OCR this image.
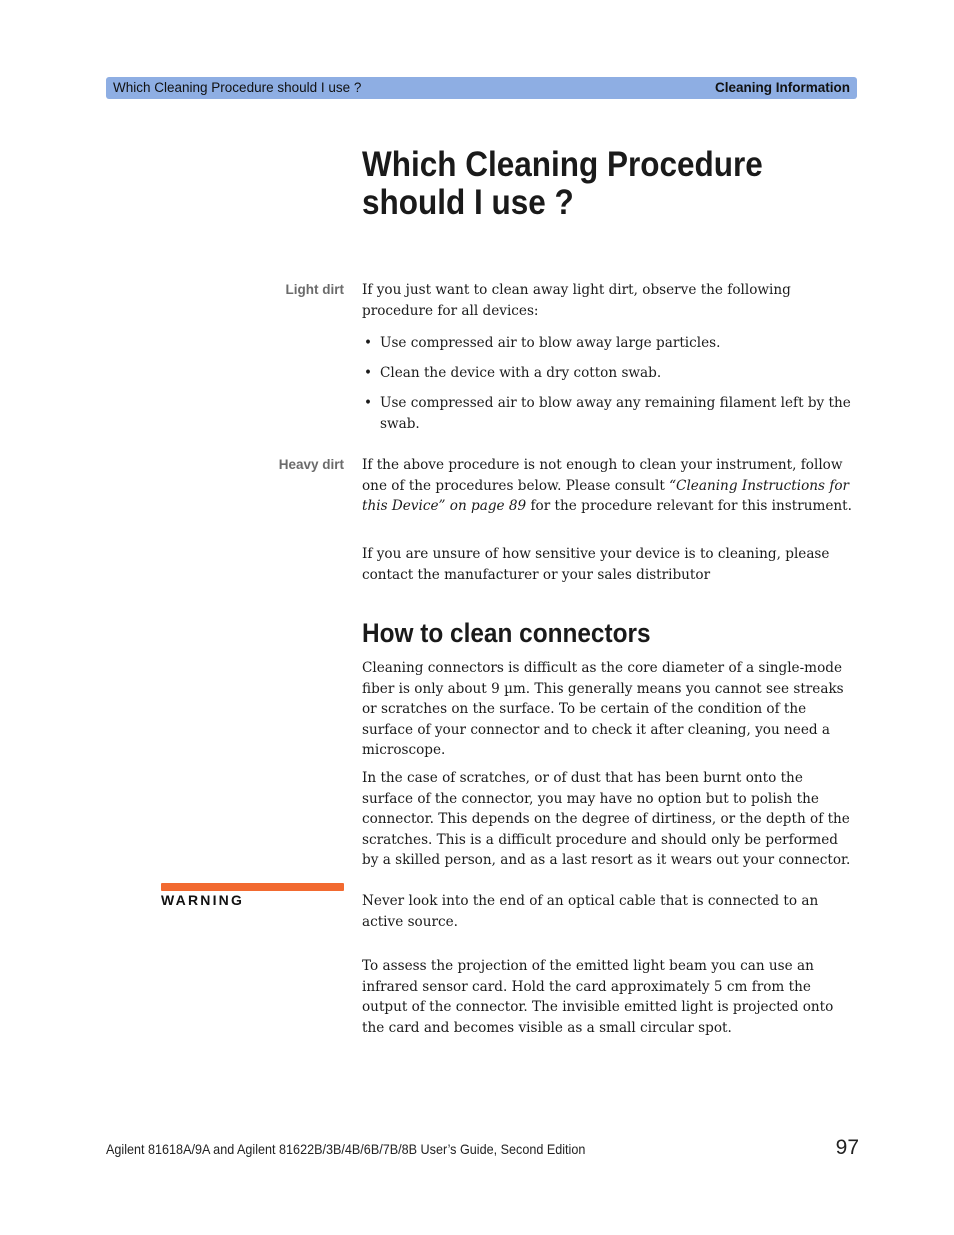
Which Cleaning Procedure should I use ?	Cleaning Information
Which Cleaning Procedure
should I use ?
Light dirt If you just want to clean away light dirt, observe the following procedure for all devices:

• Use compressed air to blow away large particles.
• Clean the device with a dry cotton swab.
• Use compressed air to blow away any remaining filament left by the swab.
Heavy dirt If the above procedure is not enough to clean your instrument, follow one of the procedures below. Please consult “Cleaning Instructions for this Device” on page 89 for the procedure relevant for this instrument.

If you are unsure of how sensitive your device is to cleaning, please contact the manufacturer or your sales distributor

How to clean connectors

Cleaning connectors is difficult as the core diameter of a single-mode fiber is only about 9 µm. This generally means you cannot see streaks or scratches on the surface. To be certain of the condition of the surface of your connector and to check it after cleaning, you need a microscope.

In the case of scratches, or of dust that has been burnt onto the surface of the connector, you may have no option but to polish the connector. This depends on the degree of dirtiness, or the depth of the scratches. This is a difficult procedure and should only be performed by a skilled person, and as a last resort as it wears out your connector.

WARNING	Never look into the end of an optical cable that is connected to an active source.

To assess the projection of the emitted light beam you can use an infrared sensor card. Hold the card approximately 5 cm from the output of the connector. The invisible emitted light is projected onto the card and becomes visible as a small circular spot.

Agilent 81618A/9A and Agilent 81622B/3B/4B/6B/7B/8B User’s Guide, Second Edition	97
